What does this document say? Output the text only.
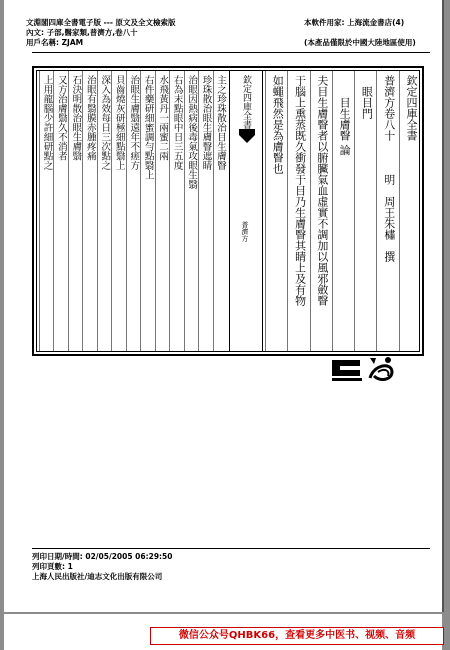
文淵閣四庫全書電子版 --- 原文及全文檢索版
內文: 子部,醫家類,普濟方,卷八十
用戶名稱: ZJAM
本軟件用家: 上海流金書店(4)
(本產品僅限於中國大陸地區使用)
欽定四庫全書
普濟方
欽定四庫全書
普濟方卷八十　　　明　周王朱橚　撰
　眼目門
　　目生膚瞖 論
夫目生膚瞖者以腑臟氣血虛實不調加以風邪斂瞖
于腦上熏蒸既久衝發于目乃生膚瞖其睛上及有物
如蠅飛然是為膚瞖也
主之珍珠散治目生膚瞖
珍珠散治眼生膚瞖遮睛
治眼因熱病後毒氣攻眼生翳
右為末點眼中日三五度
水飛黃丹一兩蜜二兩
右件藥研細蜜調勻點翳上
治眼生膚翳遠年不瘥方
貝齒燒灰研極細點翳上
深入為效每日三次點之
治眼有翳膜赤腫疼痛
石決明散治眼生膚翳
又方治膚翳久不消者
上用龍腦少許細研點之
列印日期/時間: 02/05/2005 06:29:50
列印頁數: 1
上海人民出版社/迪志文化出版有限公司
微信公众号QHBK66，查看更多中医书、视频、音频
